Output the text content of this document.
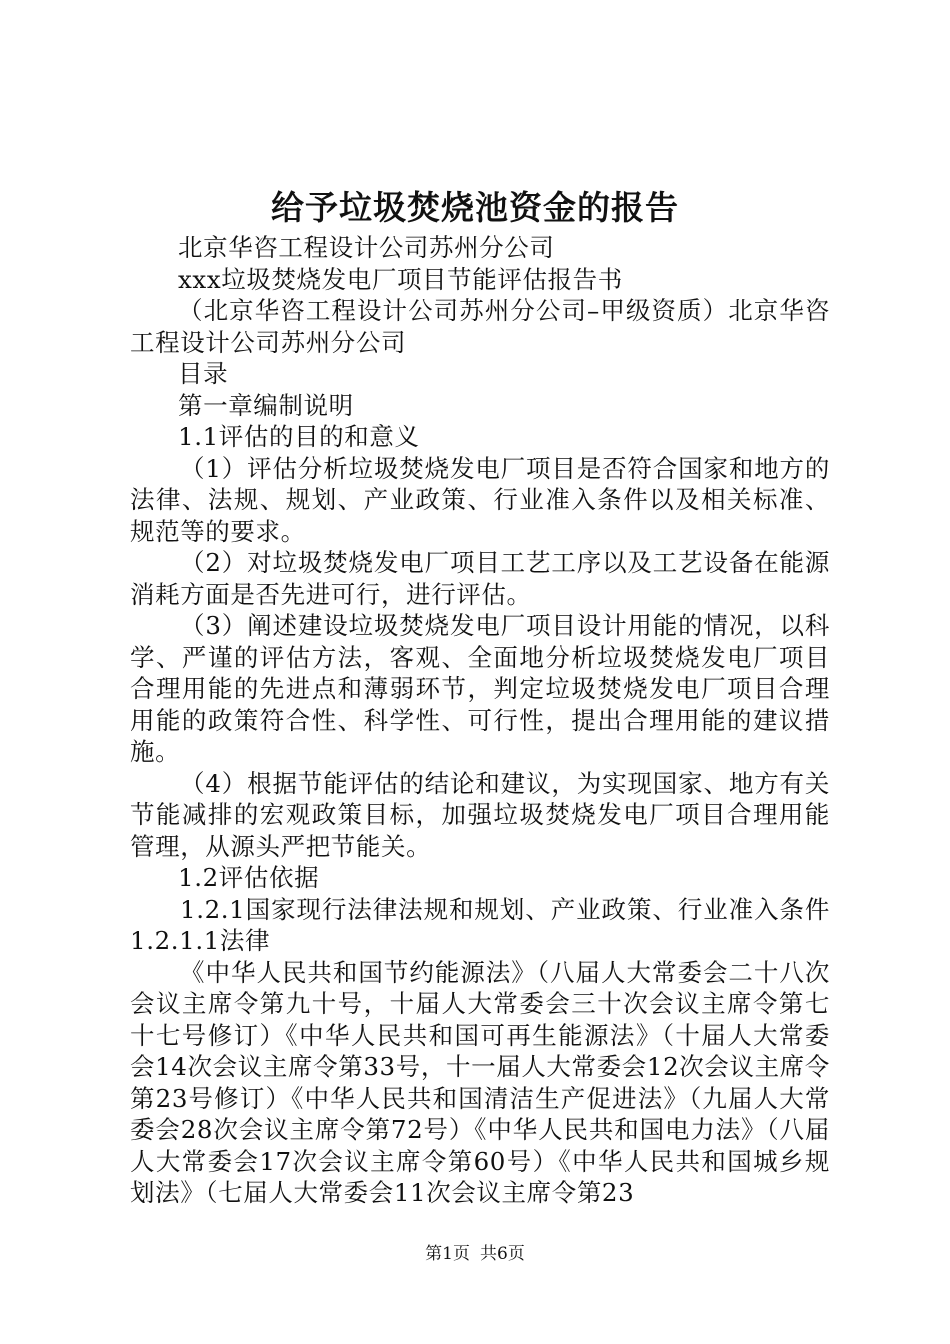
给予垃圾焚烧池资金的报告

北京华咨工程设计公司苏州分公司

xxx垃圾焚烧发电厂项目节能评估报告书

（北京华咨工程设计公司苏州分公司–甲级资质）北京华咨工程设计公司苏州分公司

目录

第一章编制说明

1.1评估的目的和意义

（1）评估分析垃圾焚烧发电厂项目是否符合国家和地方的法律、法规、规划、产业政策、行业准入条件以及相关标准、规范等的要求。

（2）对垃圾焚烧发电厂项目工艺工序以及工艺设备在能源消耗方面是否先进可行，进行评估。

（3）阐述建设垃圾焚烧发电厂项目设计用能的情况，以科学、严谨的评估方法，客观、全面地分析垃圾焚烧发电厂项目合理用能的先进点和薄弱环节，判定垃圾焚烧发电厂项目合理用能的政策符合性、科学性、可行性，提出合理用能的建议措施。

（4）根据节能评估的结论和建议，为实现国家、地方有关节能减排的宏观政策目标，加强垃圾焚烧发电厂项目合理用能管理，从源头严把节能关。

1.2评估依据

1.2.1国家现行法律法规和规划、产业政策、行业准入条件1.2.1.1法律

《中华人民共和国节约能源法》（八届人大常委会二十八次会议主席令第九十号，十届人大常委会三十次会议主席令第七十七号修订）《中华人民共和国可再生能源法》（十届人大常委会14次会议主席令第33号，十一届人大常委会12次会议主席令第23号修订）《中华人民共和国清洁生产促进法》（九届人大常委会28次会议主席令第72号）《中华人民共和国电力法》（八届人大常委会17次会议主席令第60号）《中华人民共和国城乡规划法》（七届人大常委会11次会议主席令第23

第1页 共6页
